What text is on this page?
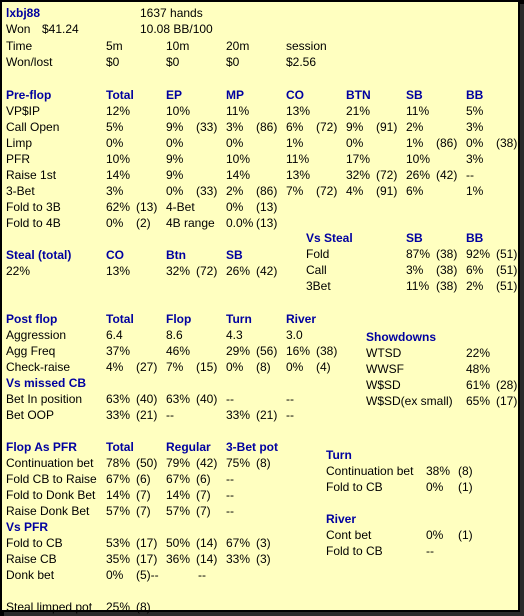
lxbj88	1637 hands
Won $41.24	10.08 BB/100
Time	5m	10m	20m	session
Won/lost	$0	$0	$0	$2.56
Pre-flop	Total	EP	MP	CO	BTN	SB	BB
VP$IP	12%	10%	11%	13%	21%	11%	5%
Call Open	5%	9% (33) 3% (86) 6% (72) 9% (91) 2%	3%
Limp	0%	0%	0%	1%	0%	1% (86) 0% (38)
PFR	10%	9%	10%	11%	17%	10%	3%
Raise 1st	14%	9%	14%	13%	32% (72) 26% (42) --
3-Bet	3%	0% (33) 2% (86) 7% (72) 4% (91) 6%	1%
Fold to 3B	62% (13) 4-Bet	0% (13)
Fold to 4B	0% (2) 4B range 0.0% (13)
Vs Steal	SB	BB
Fold	87% (38) 92% (51)
Call	3% (38) 6% (51)
3Bet	11% (38) 2% (51)
Steal (total)	CO	Btn	SB
22%	13%	32% (72) 26% (42)
Post flop	Total	Flop	Turn	River
Aggression	6.4	8.6	4.3	3.0
Agg Freq	37%	46%	29% (56) 16% (38)
Check-raise	4% (27) 7% (15) 0% (8) 0% (4)
Vs missed CB
Bet In position 63% (40) 63% (40) --	--
Bet OOP	33% (21) --	33% (21) --
Showdowns
WTSD	22%
WWSF	48%
W$SD	61% (28)
W$SD(ex small) 65% (17)
Flop As PFR Total	Regular 3-Bet pot
Continuation bet 78% (50) 79% (42) 75% (8)
Fold CB to Raise 67% (6) 67% (6) --
Fold to Donk Bet 14% (7) 14% (7) --
Raise Donk Bet 57% (7) 57% (7) --
Vs PFR
Fold to CB	53% (17) 50% (14) 67% (3)
Raise CB	35% (17) 36% (14) 33% (3)
Donk bet	0% (5)--	--
Steal limped pot 25% (8)
Turn
Continuation bet 38% (8)
Fold to CB	0% (1)
River
Cont bet	0% (1)
Fold to CB	--
